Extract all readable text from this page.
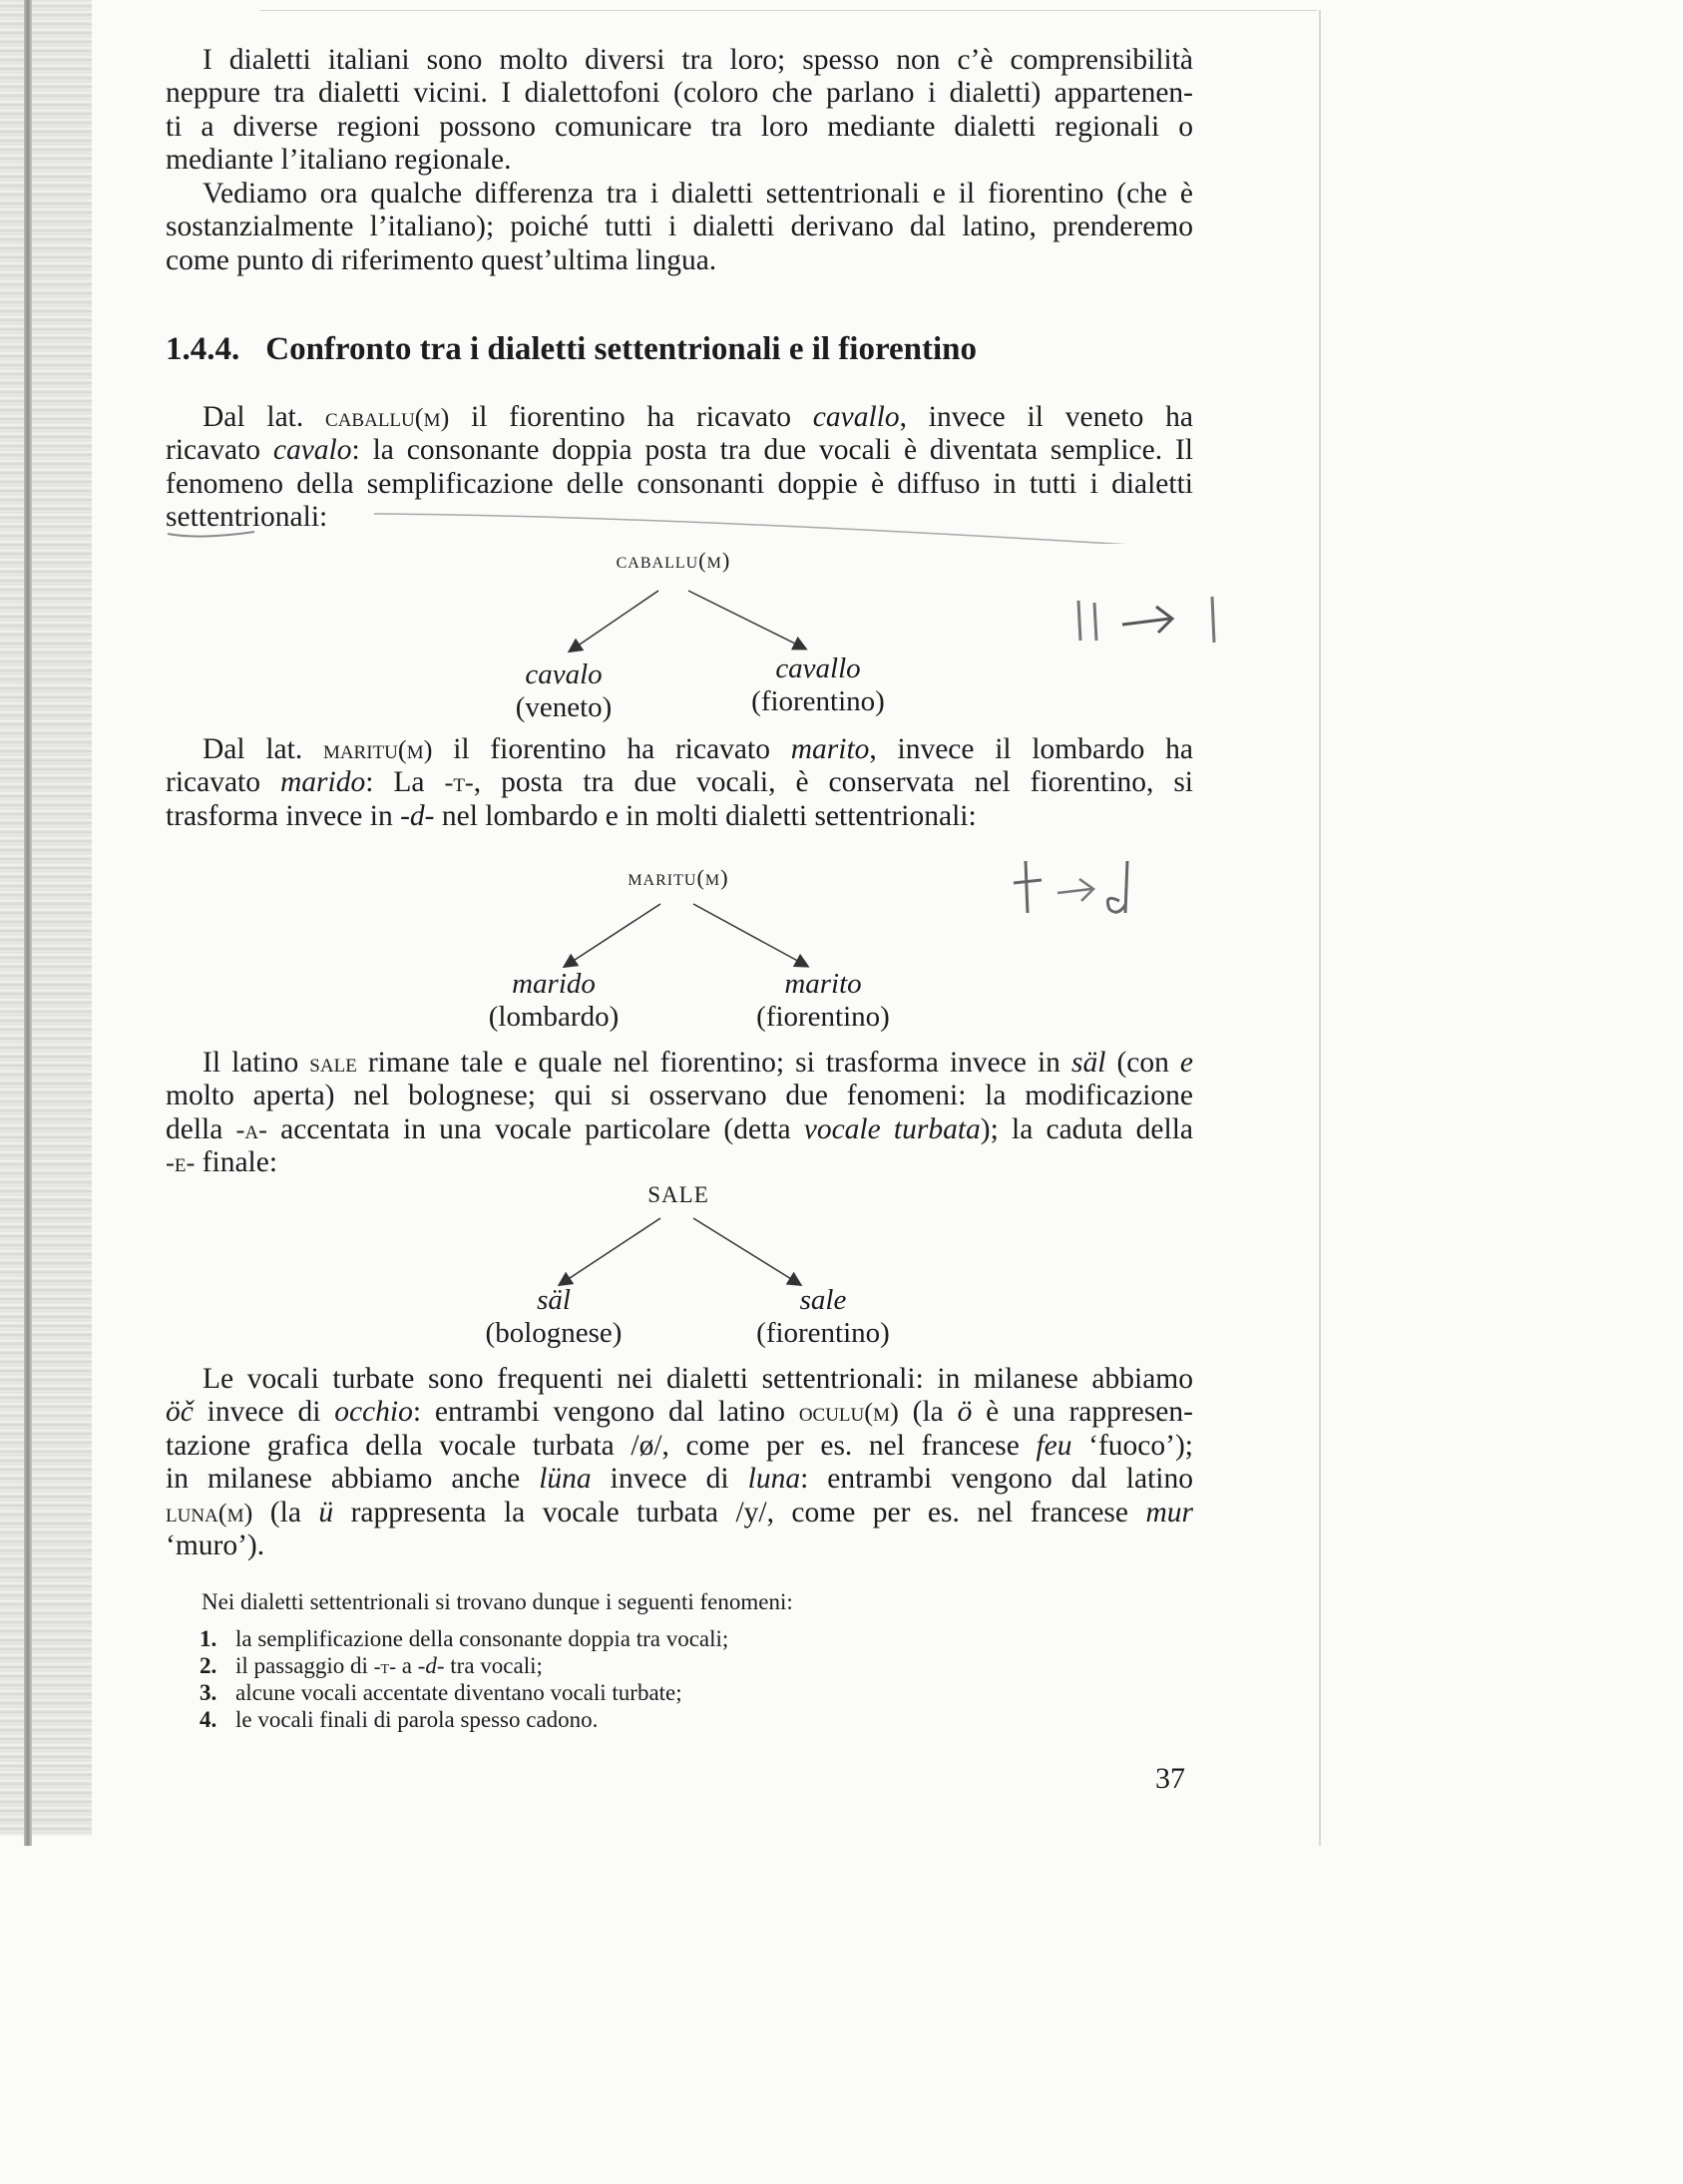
I dialetti italiani sono molto diversi tra loro; spesso non c’è comprensibilità
neppure tra dialetti vicini. I dialettofoni (coloro che parlano i dialetti) appartenen-
ti a diverse regioni possono comunicare tra loro mediante dialetti regionali o
mediante l’italiano regionale.
Vediamo ora qualche differenza tra i dialetti settentrionali e il fiorentino (che è
sostanzialmente l’italiano); poiché tutti i dialetti derivano dal latino, prenderemo
come punto di riferimento quest’ultima lingua.
1.4.4. Confronto tra i dialetti settentrionali e il fiorentino
Dal lat. caballu(m) il fiorentino ha ricavato cavallo, invece il veneto ha
ricavato cavalo: la consonante doppia posta tra due vocali è diventata semplice. Il
fenomeno della semplificazione delle consonanti doppie è diffuso in tutti i dialetti
settentrionali:
caballu(m)
cavalo
(veneto)
cavallo
(fiorentino)
ll → l
Dal lat. maritu(m) il fiorentino ha ricavato marito, invece il lombardo ha
ricavato marido: La -t-, posta tra due vocali, è conservata nel fiorentino, si
trasforma invece in -d- nel lombardo e in molti dialetti settentrionali:
maritu(m)
marido
(lombardo)
marito
(fiorentino)
t → d
Il latino sale rimane tale e quale nel fiorentino; si trasforma invece in säl (con e
molto aperta) nel bolognese; qui si osservano due fenomeni: la modificazione
della -a- accentata in una vocale particolare (detta vocale turbata); la caduta della
-e- finale:
SALE
säl
(bolognese)
sale
(fiorentino)
Le vocali turbate sono frequenti nei dialetti settentrionali: in milanese abbiamo
öč invece di occhio: entrambi vengono dal latino oculu(m) (la ö è una rappresen-
tazione grafica della vocale turbata /ø/, come per es. nel francese feu ‘fuoco’);
in milanese abbiamo anche lüna invece di luna: entrambi vengono dal latino
luna(m) (la ü rappresenta la vocale turbata /y/, come per es. nel francese mur
‘muro’).
Nei dialetti settentrionali si trovano dunque i seguenti fenomeni:
1. la semplificazione della consonante doppia tra vocali;
2. il passaggio di -t- a -d- tra vocali;
3. alcune vocali accentate diventano vocali turbate;
4. le vocali finali di parola spesso cadono.
37
